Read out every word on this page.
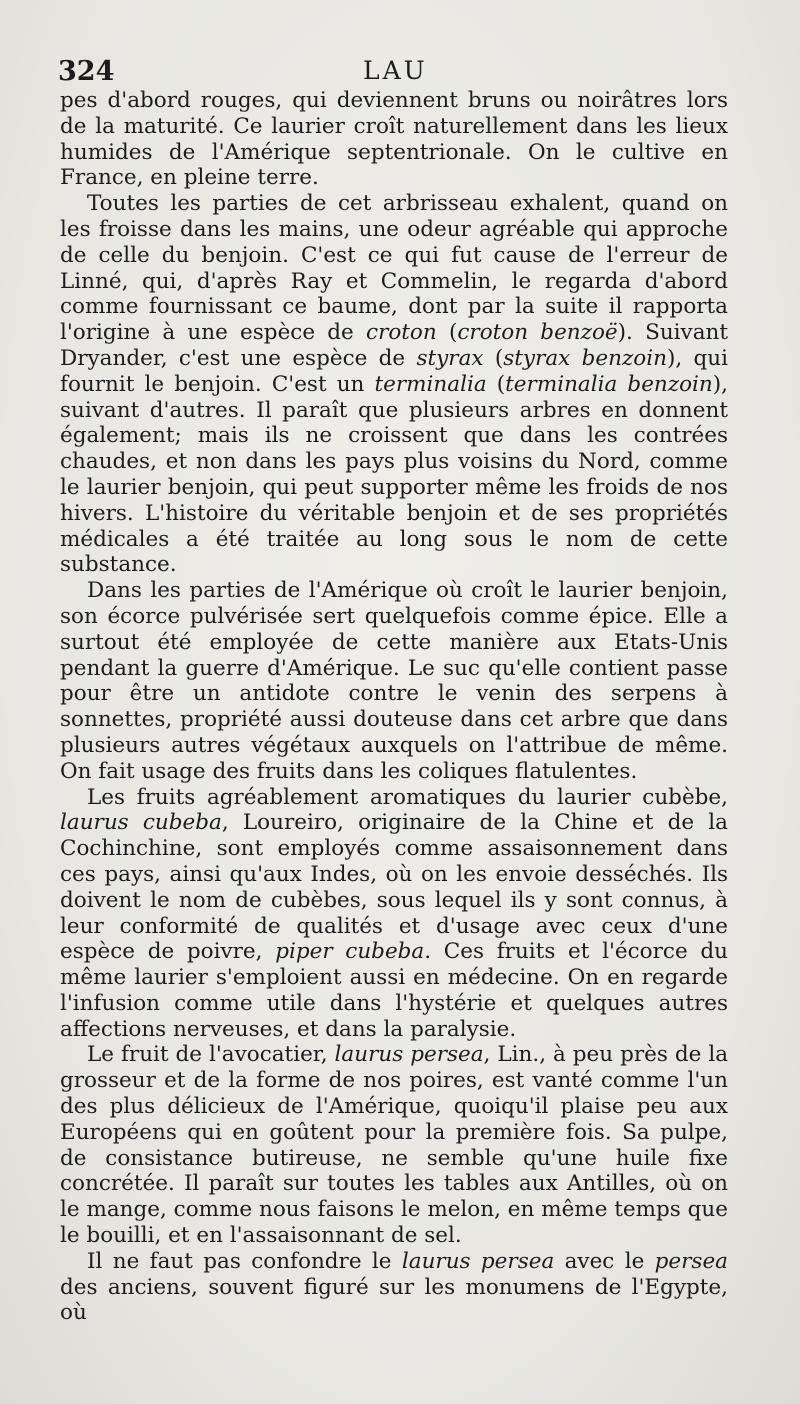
324	LAU

pes d'abord rouges, qui deviennent bruns ou noirâtres lors de la maturité. Ce laurier croît naturellement dans les lieux humides de l'Amérique septentrionale. On le cultive en France, en pleine terre.

Toutes les parties de cet arbrisseau exhalent, quand on les froisse dans les mains, une odeur agréable qui approche de celle du benjoin. C'est ce qui fut cause de l'erreur de Linné, qui, d'après Ray et Commelin, le regarda d'abord comme fournissant ce baume, dont par la suite il rapporta l'origine à une espèce de croton (croton benzoë). Suivant Dryander, c'est une espèce de styrax (styrax benzoin), qui fournit le benjoin. C'est un terminalia (terminalia benzoin), suivant d'autres. Il paraît que plusieurs arbres en donnent également; mais ils ne croissent que dans les contrées chaudes, et non dans les pays plus voisins du Nord, comme le laurier benjoin, qui peut supporter même les froids de nos hivers. L'histoire du véritable benjoin et de ses propriétés médicales a été traitée au long sous le nom de cette substance.

Dans les parties de l'Amérique où croît le laurier benjoin, son écorce pulvérisée sert quelquefois comme épice. Elle a surtout été employée de cette manière aux Etats-Unis pendant la guerre d'Amérique. Le suc qu'elle contient passe pour être un antidote contre le venin des serpens à sonnettes, propriété aussi douteuse dans cet arbre que dans plusieurs autres végétaux auxquels on l'attribue de même. On fait usage des fruits dans les coliques flatulentes.

Les fruits agréablement aromatiques du laurier cubèbe, laurus cubeba, Loureiro, originaire de la Chine et de la Cochinchine, sont employés comme assaisonnement dans ces pays, ainsi qu'aux Indes, où on les envoie desséchés. Ils doivent le nom de cubèbes, sous lequel ils y sont connus, à leur conformité de qualités et d'usage avec ceux d'une espèce de poivre, piper cubeba. Ces fruits et l'écorce du même laurier s'emploient aussi en médecine. On en regarde l'infusion comme utile dans l'hystérie et quelques autres affections nerveuses, et dans la paralysie.

Le fruit de l'avocatier, laurus persea, Lin., à peu près de la grosseur et de la forme de nos poires, est vanté comme l'un des plus délicieux de l'Amérique, quoiqu'il plaise peu aux Européens qui en goûtent pour la première fois. Sa pulpe, de consistance butireuse, ne semble qu'une huile fixe concrétée. Il paraît sur toutes les tables aux Antilles, où on le mange, comme nous faisons le melon, en même temps que le bouilli, et en l'assaisonnant de sel.

Il ne faut pas confondre le laurus persea avec le persea des anciens, souvent figuré sur les monumens de l'Egypte, où
